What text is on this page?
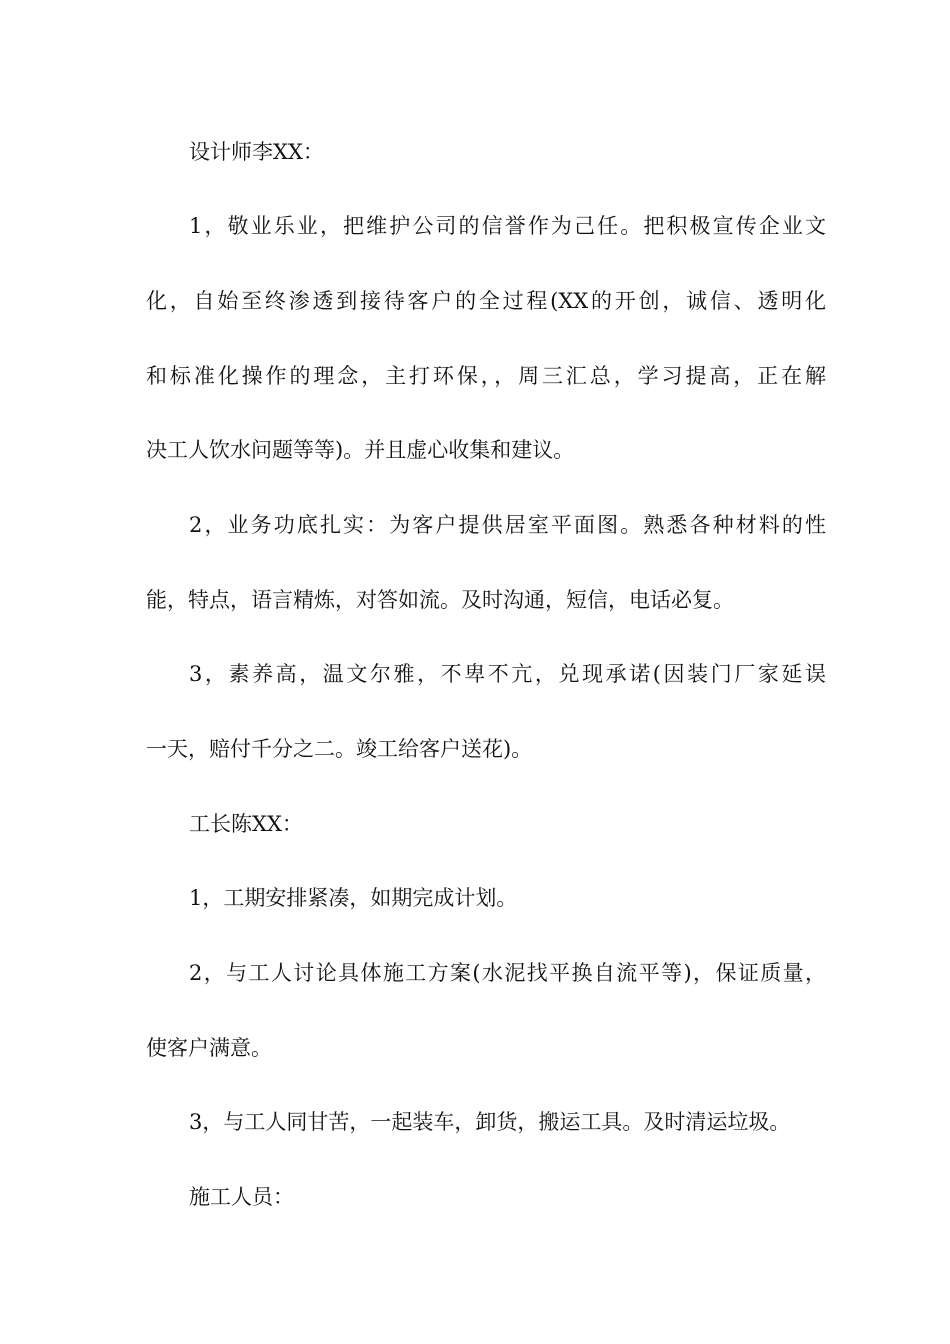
设计师李XX：
1，敬业乐业，把维护公司的信誉作为己任。把积极宣传企业文
化，自始至终渗透到接待客户的全过程(XX的开创，诚信、透明化
和标准化操作的理念，主打环保，，周三汇总，学习提高，正在解
决工人饮水问题等等)。并且虚心收集和建议。
2，业务功底扎实：为客户提供居室平面图。熟悉各种材料的性
能，特点，语言精炼，对答如流。及时沟通，短信，电话必复。
3，素养高，温文尔雅，不卑不亢，兑现承诺(因装门厂家延误
一天，赔付千分之二。竣工给客户送花)。
工长陈XX：
1，工期安排紧凑，如期完成计划。
2，与工人讨论具体施工方案(水泥找平换自流平等)，保证质量，
使客户满意。
3，与工人同甘苦，一起装车，卸货，搬运工具。及时清运垃圾。
施工人员：
